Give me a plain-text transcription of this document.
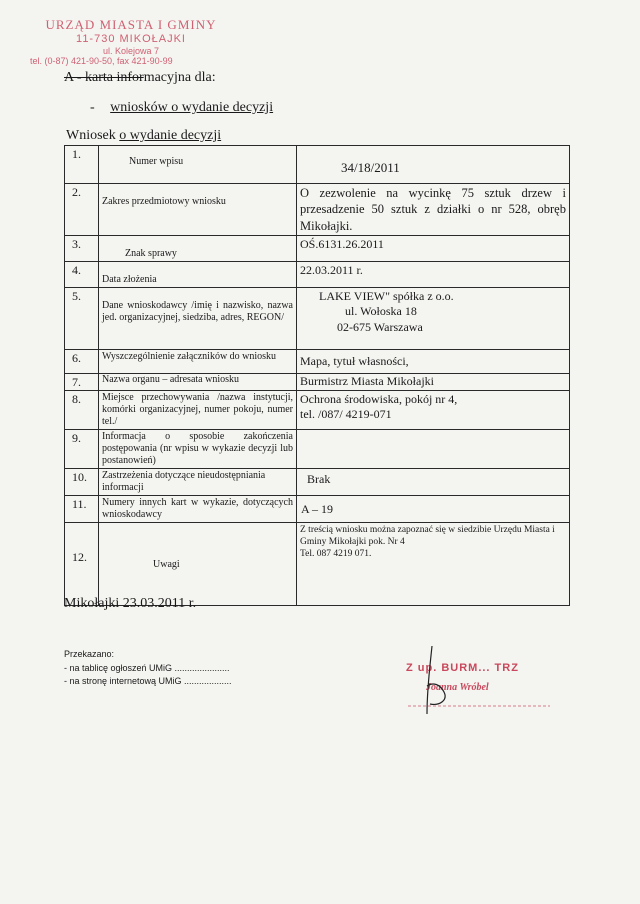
URZĄD MIASTA I GMINY
11-730 MIKOŁAJKI
ul. Kolejowa 7
tel. (0-87) 421-90-50, fax 421-90-99
A - karta informacyjna dla:
- wniosków o wydanie decyzji
Wniosek o wydanie decyzji
1.	Numer wpisu	34/18/2011

2.	Zakres przedmiotowy wniosku	O zezwolenie na wycinkę 75 sztuk drzew i przesadzenie 50 sztuk z działki o nr 528, obręb Mikołajki.

3.	Znak sprawy	OŚ.6131.26.2011

4.	Data złożenia	22.03.2011 r.

5.	Dane wnioskodawcy /imię i nazwisko, nazwa jed. organizacyjnej, siedziba, adres, REGON/	LAKE VIEW" spółka z o.o.
ul. Wołoska 18
02-675 Warszawa

6.	Wyszczególnienie załączników do wniosku	Mapa, tytuł własności,

7.	Nazwa organu – adresata wniosku	Burmistrz Miasta Mikołajki

8.	Miejsce przechowywania /nazwa instytucji, komórki organizacyjnej, numer pokoju, numer tel./	Ochrona środowiska, pokój nr 4,
tel. /087/ 4219-071

9.	Informacja o sposobie zakończenia postępowania (nr wpisu w wykazie decyzji lub postanowień)	

10.	Zastrzeżenia dotyczące nieudostępniania informacji	Brak

11.	Numery innych kart w wykazie, dotyczących wnioskodawcy	A – 19

12.	Uwagi	Z treścią wniosku można zapoznać się w siedzibie Urzędu Miasta i Gminy Mikołajki pok. Nr 4
Tel. 087 4219 071.
Mikołajki 23.03.2011 r.
Przekazano:
- na tablicę ogłoszeń UMiG ......................
- na stronę internetową UMiG ...................
Z up. BURM... TRZ
Joanna Wróbel
